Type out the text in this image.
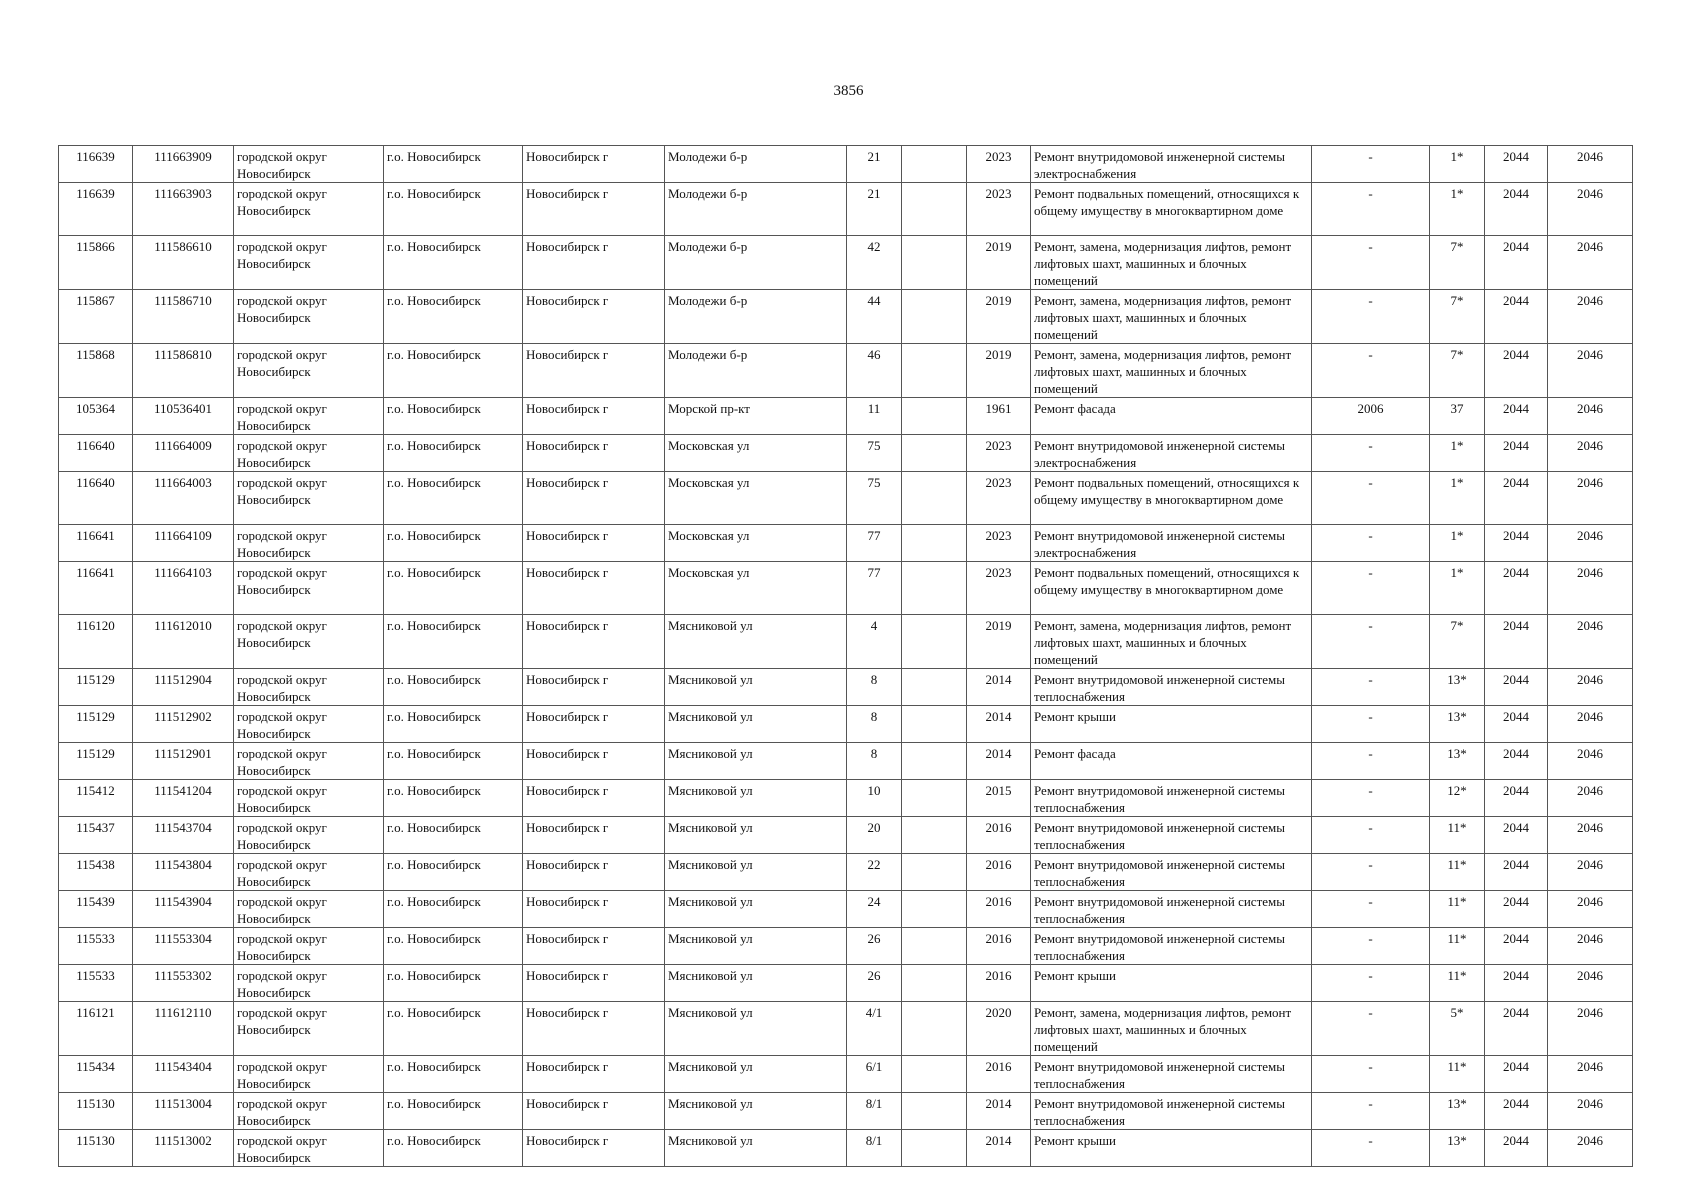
3856
116639	111663909	городской округ Новосибирск	г.о. Новосибирск	Новосибирск г	Молодежи б-р	21		2023	Ремонт внутридомовой инженерной системы электроснабжения	-	1*	2044	2046
116639	111663903	городской округ Новосибирск	г.о. Новосибирск	Новосибирск г	Молодежи б-р	21		2023	Ремонт подвальных помещений, относящихся к общему имуществу в многоквартирном доме	-	1*	2044	2046
115866	111586610	городской округ Новосибирск	г.о. Новосибирск	Новосибирск г	Молодежи б-р	42		2019	Ремонт, замена, модернизация лифтов, ремонт лифтовых шахт, машинных и блочных помещений	-	7*	2044	2046
115867	111586710	городской округ Новосибирск	г.о. Новосибирск	Новосибирск г	Молодежи б-р	44		2019	Ремонт, замена, модернизация лифтов, ремонт лифтовых шахт, машинных и блочных помещений	-	7*	2044	2046
115868	111586810	городской округ Новосибирск	г.о. Новосибирск	Новосибирск г	Молодежи б-р	46		2019	Ремонт, замена, модернизация лифтов, ремонт лифтовых шахт, машинных и блочных помещений	-	7*	2044	2046
105364	110536401	городской округ Новосибирск	г.о. Новосибирск	Новосибирск г	Морской пр-кт	11		1961	Ремонт фасада	2006	37	2044	2046
116640	111664009	городской округ Новосибирск	г.о. Новосибирск	Новосибирск г	Московская ул	75		2023	Ремонт внутридомовой инженерной системы электроснабжения	-	1*	2044	2046
116640	111664003	городской округ Новосибирск	г.о. Новосибирск	Новосибирск г	Московская ул	75		2023	Ремонт подвальных помещений, относящихся к общему имуществу в многоквартирном доме	-	1*	2044	2046
116641	111664109	городской округ Новосибирск	г.о. Новосибирск	Новосибирск г	Московская ул	77		2023	Ремонт внутридомовой инженерной системы электроснабжения	-	1*	2044	2046
116641	111664103	городской округ Новосибирск	г.о. Новосибирск	Новосибирск г	Московская ул	77		2023	Ремонт подвальных помещений, относящихся к общему имуществу в многоквартирном доме	-	1*	2044	2046
116120	111612010	городской округ Новосибирск	г.о. Новосибирск	Новосибирск г	Мясниковой ул	4		2019	Ремонт, замена, модернизация лифтов, ремонт лифтовых шахт, машинных и блочных помещений	-	7*	2044	2046
115129	111512904	городской округ Новосибирск	г.о. Новосибирск	Новосибирск г	Мясниковой ул	8		2014	Ремонт внутридомовой инженерной системы теплоснабжения	-	13*	2044	2046
115129	111512902	городской округ Новосибирск	г.о. Новосибирск	Новосибирск г	Мясниковой ул	8		2014	Ремонт крыши	-	13*	2044	2046
115129	111512901	городской округ Новосибирск	г.о. Новосибирск	Новосибирск г	Мясниковой ул	8		2014	Ремонт фасада	-	13*	2044	2046
115412	111541204	городской округ Новосибирск	г.о. Новосибирск	Новосибирск г	Мясниковой ул	10		2015	Ремонт внутридомовой инженерной системы теплоснабжения	-	12*	2044	2046
115437	111543704	городской округ Новосибирск	г.о. Новосибирск	Новосибирск г	Мясниковой ул	20		2016	Ремонт внутридомовой инженерной системы теплоснабжения	-	11*	2044	2046
115438	111543804	городской округ Новосибирск	г.о. Новосибирск	Новосибирск г	Мясниковой ул	22		2016	Ремонт внутридомовой инженерной системы теплоснабжения	-	11*	2044	2046
115439	111543904	городской округ Новосибирск	г.о. Новосибирск	Новосибирск г	Мясниковой ул	24		2016	Ремонт внутридомовой инженерной системы теплоснабжения	-	11*	2044	2046
115533	111553304	городской округ Новосибирск	г.о. Новосибирск	Новосибирск г	Мясниковой ул	26		2016	Ремонт внутридомовой инженерной системы теплоснабжения	-	11*	2044	2046
115533	111553302	городской округ Новосибирск	г.о. Новосибирск	Новосибирск г	Мясниковой ул	26		2016	Ремонт крыши	-	11*	2044	2046
116121	111612110	городской округ Новосибирск	г.о. Новосибирск	Новосибирск г	Мясниковой ул	4/1		2020	Ремонт, замена, модернизация лифтов, ремонт лифтовых шахт, машинных и блочных помещений	-	5*	2044	2046
115434	111543404	городской округ Новосибирск	г.о. Новосибирск	Новосибирск г	Мясниковой ул	6/1		2016	Ремонт внутридомовой инженерной системы теплоснабжения	-	11*	2044	2046
115130	111513004	городской округ Новосибирск	г.о. Новосибирск	Новосибирск г	Мясниковой ул	8/1		2014	Ремонт внутридомовой инженерной системы теплоснабжения	-	13*	2044	2046
115130	111513002	городской округ Новосибирск	г.о. Новосибирск	Новосибирск г	Мясниковой ул	8/1		2014	Ремонт крыши	-	13*	2044	2046
